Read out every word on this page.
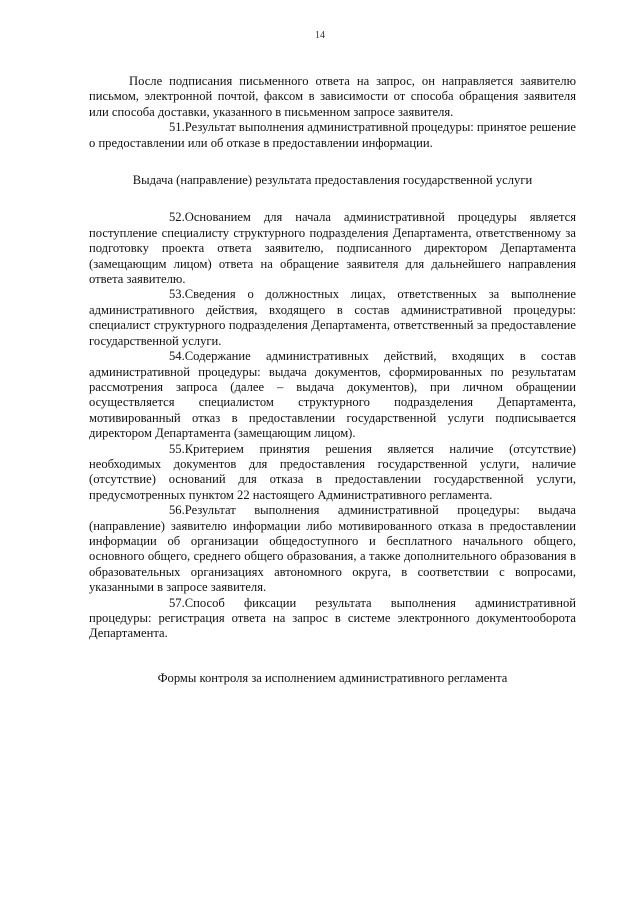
14

После подписания письменного ответа на запрос, он направляется заявителю письмом, электронной почтой, факсом в зависимости от способа обращения заявителя или способа доставки, указанного в письменном запросе заявителя.

51.Результат выполнения административной процедуры: принятое решение о предоставлении или об отказе в предоставлении информации.

Выдача (направление) результата предоставления государственной услуги

52.Основанием для начала административной процедуры является поступление специалисту структурного подразделения Департамента, ответственному за подготовку проекта ответа заявителю, подписанного директором Департамента (замещающим лицом) ответа на обращение заявителя для дальнейшего направления ответа заявителю.

53.Сведения о должностных лицах, ответственных за выполнение административного действия, входящего в состав административной процедуры: специалист структурного подразделения Департамента, ответственный за предоставление государственной услуги.

54.Содержание административных действий, входящих в состав административной процедуры: выдача документов, сформированных по результатам рассмотрения запроса (далее – выдача документов), при личном обращении осуществляется специалистом структурного подразделения Департамента, мотивированный отказ в предоставлении государственной услуги подписывается директором Департамента (замещающим лицом).

55.Критерием принятия решения является наличие (отсутствие) необходимых документов для предоставления государственной услуги, наличие (отсутствие) оснований для отказа в предоставлении государственной услуги, предусмотренных пунктом 22 настоящего Административного регламента.

56.Результат выполнения административной процедуры: выдача (направление) заявителю информации либо мотивированного отказа в предоставлении информации об организации общедоступного и бесплатного начального общего, основного общего, среднего общего образования, а также дополнительного образования в образовательных организациях автономного округа, в соответствии с вопросами, указанными в запросе заявителя.

57.Способ фиксации результата выполнения административной процедуры: регистрация ответа на запрос в системе электронного документооборота Департамента.

Формы контроля за исполнением административного регламента
